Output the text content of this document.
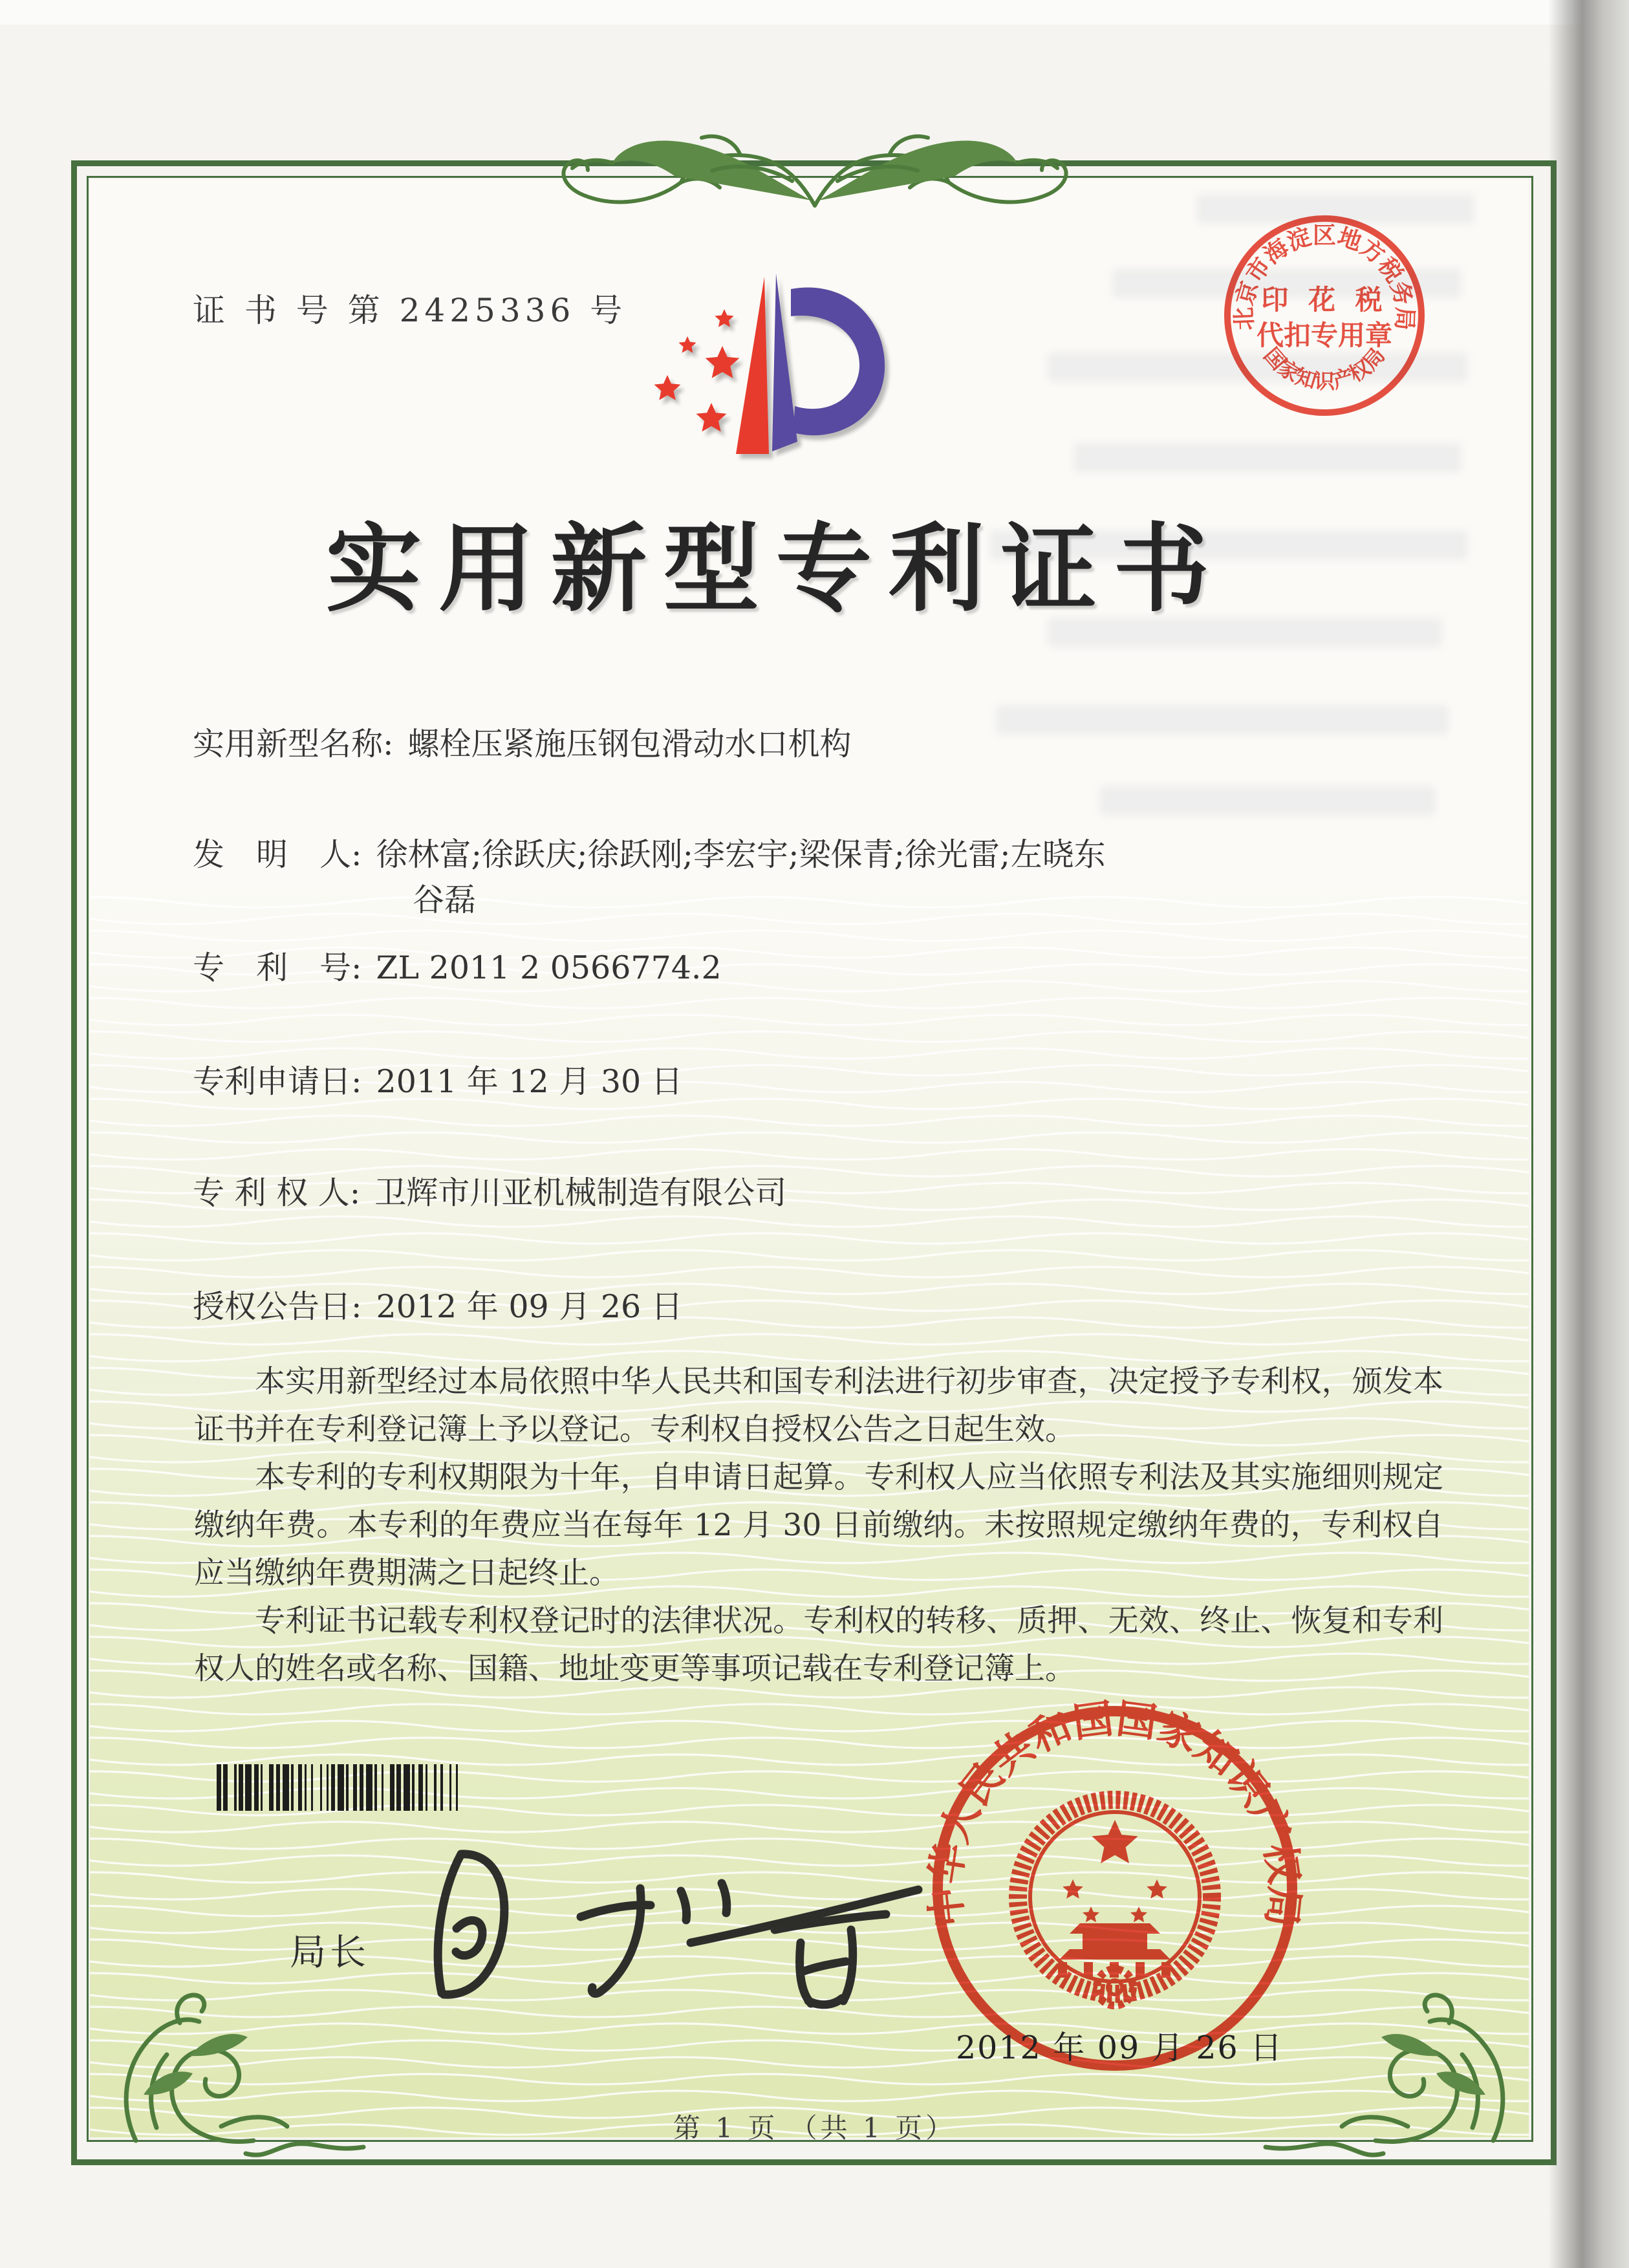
证 书 号 第 2425336 号	北京市海淀区地方税务局
国家知识产权局
印 花 税
代扣专用章
实用新型专利证书
实用新型名称: 螺栓压紧施压钢包滑动水口机构
发　明　人: 徐林富;徐跃庆;徐跃刚;李宏宇;梁保青;徐光雷;左晓东
谷磊
专　利　号: ZL 2011 2 0566774.2
专利申请日: 2011 年 12 月 30 日
专 利 权 人: 卫辉市川亚机械制造有限公司
授权公告日: 2012 年 09 月 26 日

本实用新型经过本局依照中华人民共和国专利法进行初步审查，决定授予专利权，颁发本证书并在专利登记簿上予以登记。专利权自授权公告之日起生效。

本专利的专利权期限为十年，自申请日起算。专利权人应当依照专利法及其实施细则规定缴纳年费。本专利的年费应当在每年 12 月 30 日前缴纳。未按照规定缴纳年费的，专利权自应当缴纳年费期满之日起终止。

专利证书记载专利权登记时的法律状况。专利权的转移、质押、无效、终止、恢复和专利权人的姓名或名称、国籍、地址变更等事项记载在专利登记簿上。

局长
中华人民共和国国家知识产权局
2012 年 09 月 26 日
第 1 页 （共 1 页）
